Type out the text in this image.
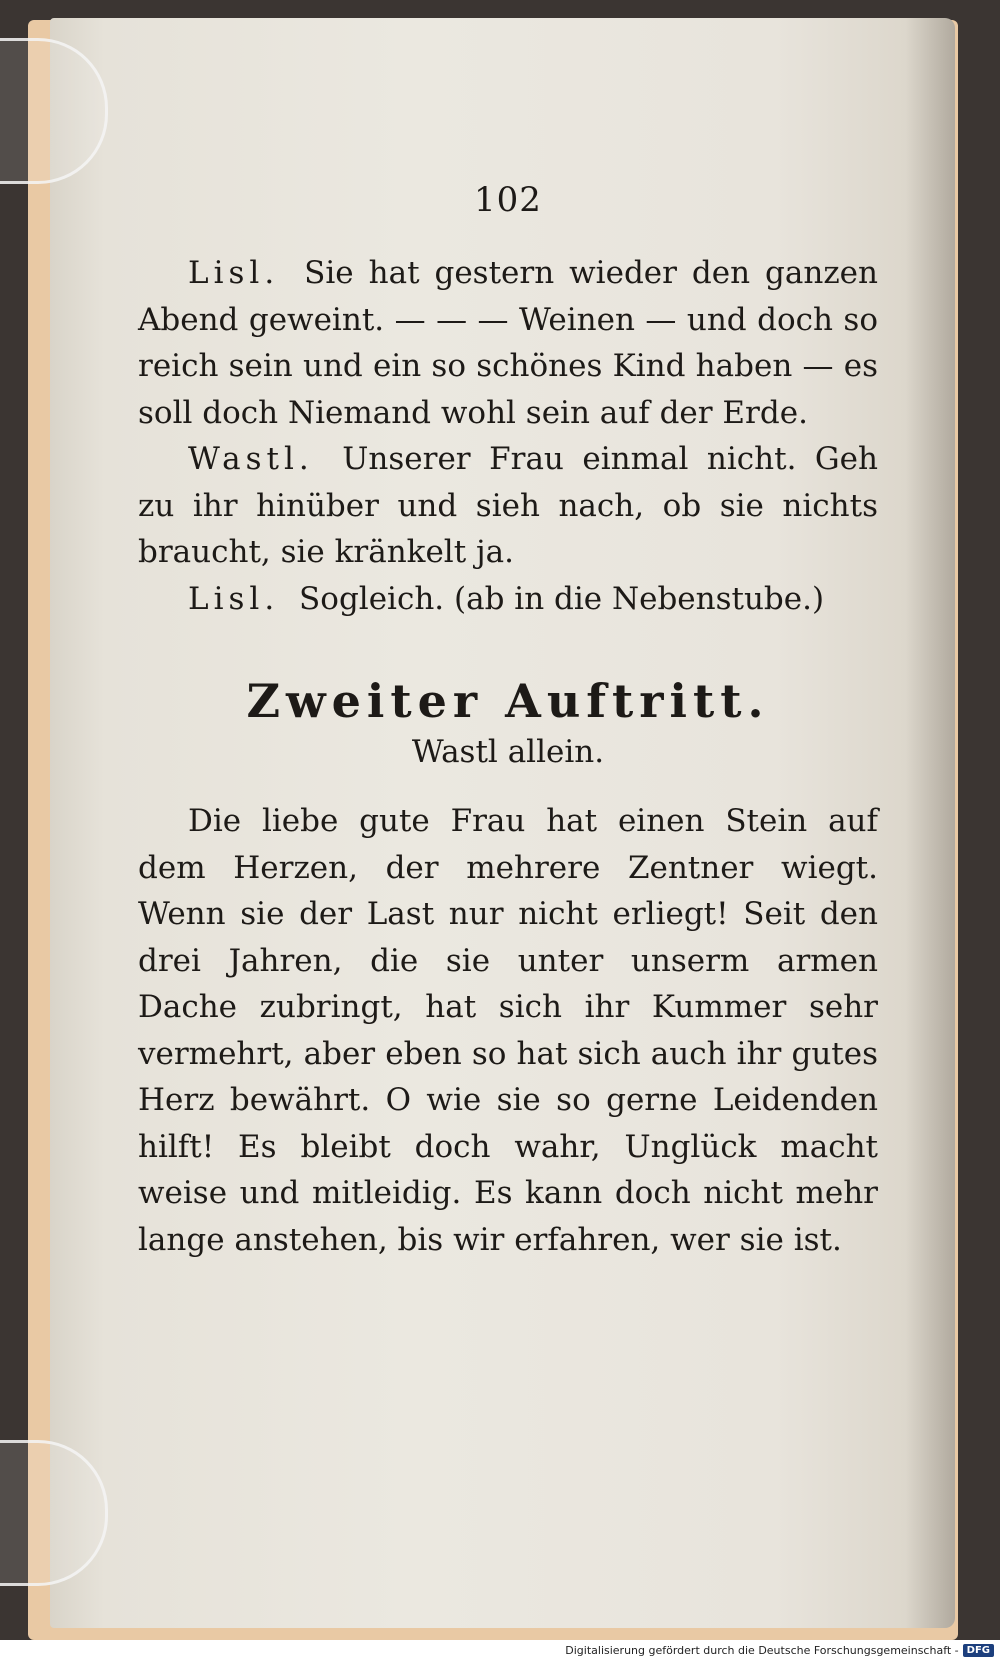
102

Lisl. Sie hat gestern wieder den ganzen Abend geweint. — — — Weinen — und doch so reich sein und ein so schönes Kind haben — es soll doch Niemand wohl sein auf der Erde.

Wastl. Unserer Frau einmal nicht. Geh zu ihr hinüber und sieh nach, ob sie nichts braucht, sie kränkelt ja.

Lisl. Sogleich. (ab in die Nebenstube.)

Zweiter Auftritt.
Wastl allein.

Die liebe gute Frau hat einen Stein auf dem Herzen, der mehrere Zentner wiegt. Wenn sie der Last nur nicht erliegt! Seit den drei Jahren, die sie unter unserm armen Dache zubringt, hat sich ihr Kummer sehr vermehrt, aber eben so hat sich auch ihr gutes Herz bewährt. O wie sie so gerne Leidenden hilft! Es bleibt doch wahr, Unglück macht weise und mitleidig. Es kann doch nicht mehr lange anstehen, bis wir erfahren, wer sie ist.

Digitalisierung gefördert durch die Deutsche Forschungsgemeinschaft - DFG
